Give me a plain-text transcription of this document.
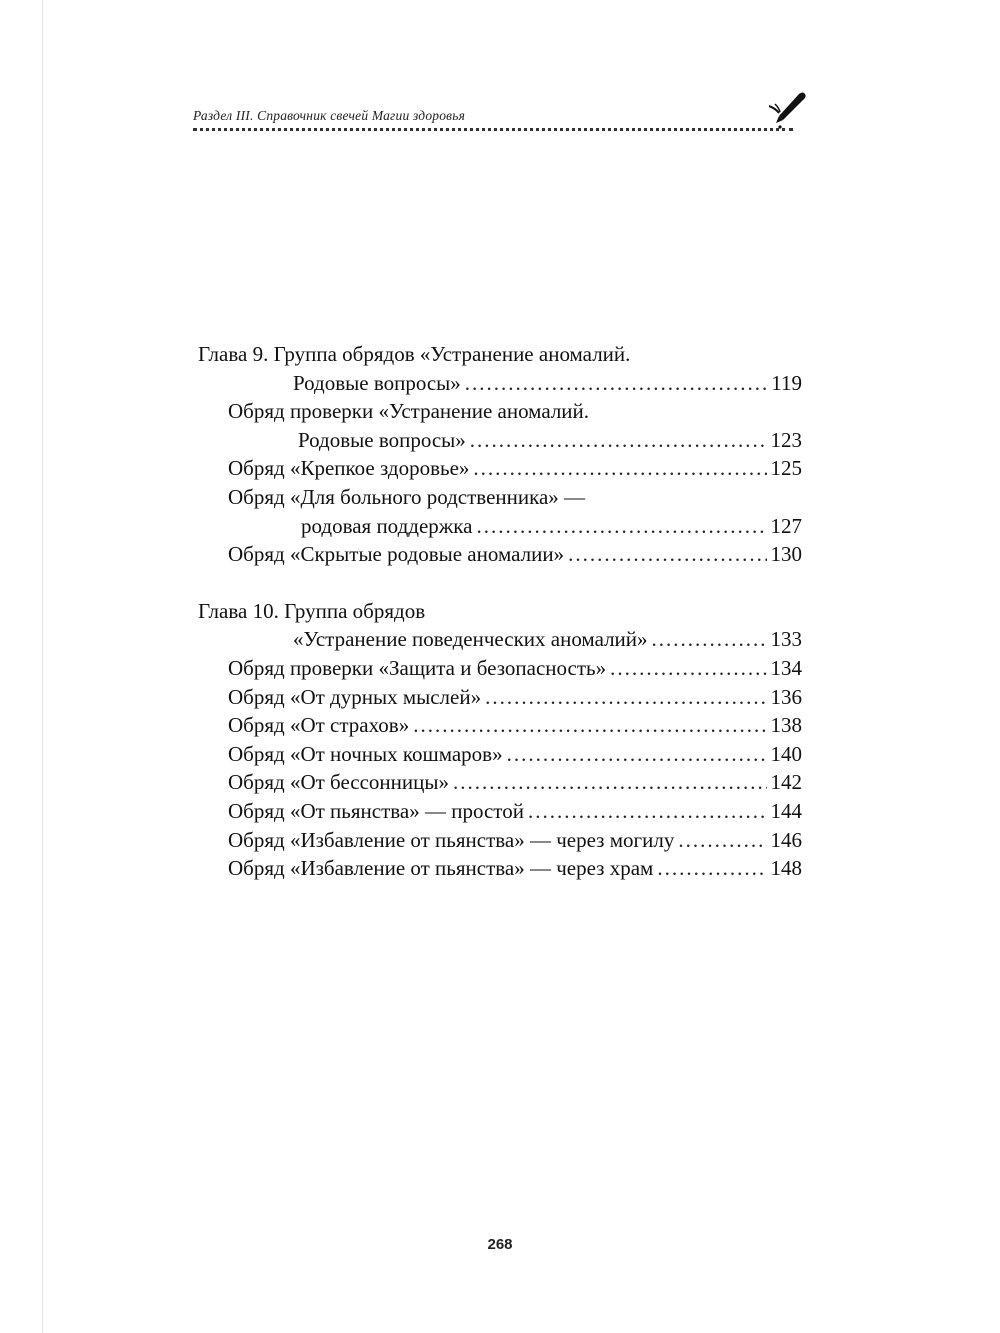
Раздел III. Справочник свечей Магии здоровья
Глава 9. Группа обрядов «Устранение аномалий.
Родовые вопросы» .....	119
Обряд проверки «Устранение аномалий.
Родовые вопросы» .....	123
Обряд «Крепкое здоровье» .....	125
Обряд «Для больного родственника» —
родовая поддержка .....	127
Обряд «Скрытые родовые аномалии» .....	130
Глава 10. Группа обрядов
«Устранение поведенческих аномалий» .....	133
Обряд проверки «Защита и безопасность» .....	134
Обряд «От дурных мыслей» .....	136
Обряд «От страхов» .....	138
Обряд «От ночных кошмаров» .....	140
Обряд «От бессонницы» .....	142
Обряд «От пьянства» — простой .....	144
Обряд «Избавление от пьянства» — через могилу .....	146
Обряд «Избавление от пьянства» — через храм .....	148
268
